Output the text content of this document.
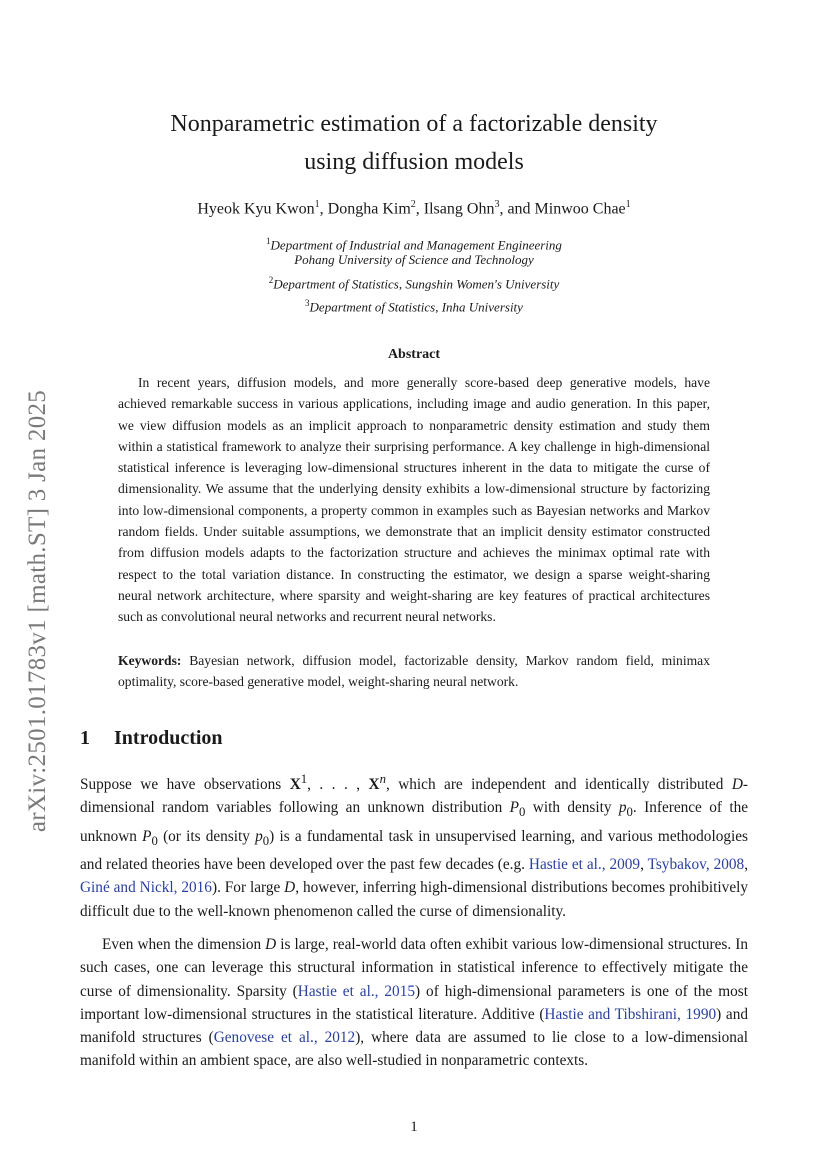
arXiv:2501.01783v1 [math.ST] 3 Jan 2025
Nonparametric estimation of a factorizable density
using diffusion models
Hyeok Kyu Kwon$^1$, Dongha Kim$^2$, Ilsang Ohn$^3$, and Minwoo Chae$^1$
$^1$Department of Industrial and Management Engineering
Pohang University of Science and Technology
$^2$Department of Statistics, Sungshin Women's University
$^3$Department of Statistics, Inha University
Abstract

In recent years, diffusion models, and more generally score-based deep generative models, have achieved remarkable success in various applications, including image and audio generation. In this paper, we view diffusion models as an implicit approach to nonparametric density estimation and study them within a statistical framework to analyze their surprising performance. A key challenge in high-dimensional statistical inference is leveraging low-dimensional structures inherent in the data to mitigate the curse of dimensionality. We assume that the underlying density exhibits a low-dimensional structure by factorizing into low-dimensional components, a property common in examples such as Bayesian networks and Markov random fields. Under suitable assumptions, we demonstrate that an implicit density estimator constructed from diffusion models adapts to the factorization structure and achieves the minimax optimal rate with respect to the total variation distance. In constructing the estimator, we design a sparse weight-sharing neural network architecture, where sparsity and weight-sharing are key features of practical architectures such as convolutional neural networks and recurrent neural networks.

Keywords: Bayesian network, diffusion model, factorizable density, Markov random field, minimax optimality, score-based generative model, weight-sharing neural network.

1 Introduction

Suppose we have observations $X^1$, . . . , $X^n$, which are independent and identically distributed D-dimensional random variables following an unknown distribution $P_0$ with density $p_0$. Inference of the unknown $P_0$ (or its density $p_0$) is a fundamental task in unsupervised learning, and various methodologies and related theories have been developed over the past few decades (e.g. Hastie et al., 2009, Tsybakov, 2008, Giné and Nickl, 2016). For large D, however, inferring high-dimensional distributions becomes prohibitively difficult due to the well-known phenomenon called the curse of dimensionality.

Even when the dimension D is large, real-world data often exhibit various low-dimensional structures. In such cases, one can leverage this structural information in statistical inference to effectively mitigate the curse of dimensionality. Sparsity (Hastie et al., 2015) of high-dimensional parameters is one of the most important low-dimensional structures in the statistical literature. Additive (Hastie and Tibshirani, 1990) and manifold structures (Genovese et al., 2012), where data are assumed to lie close to a low-dimensional manifold within an ambient space, are also well-studied in nonparametric contexts.

1
